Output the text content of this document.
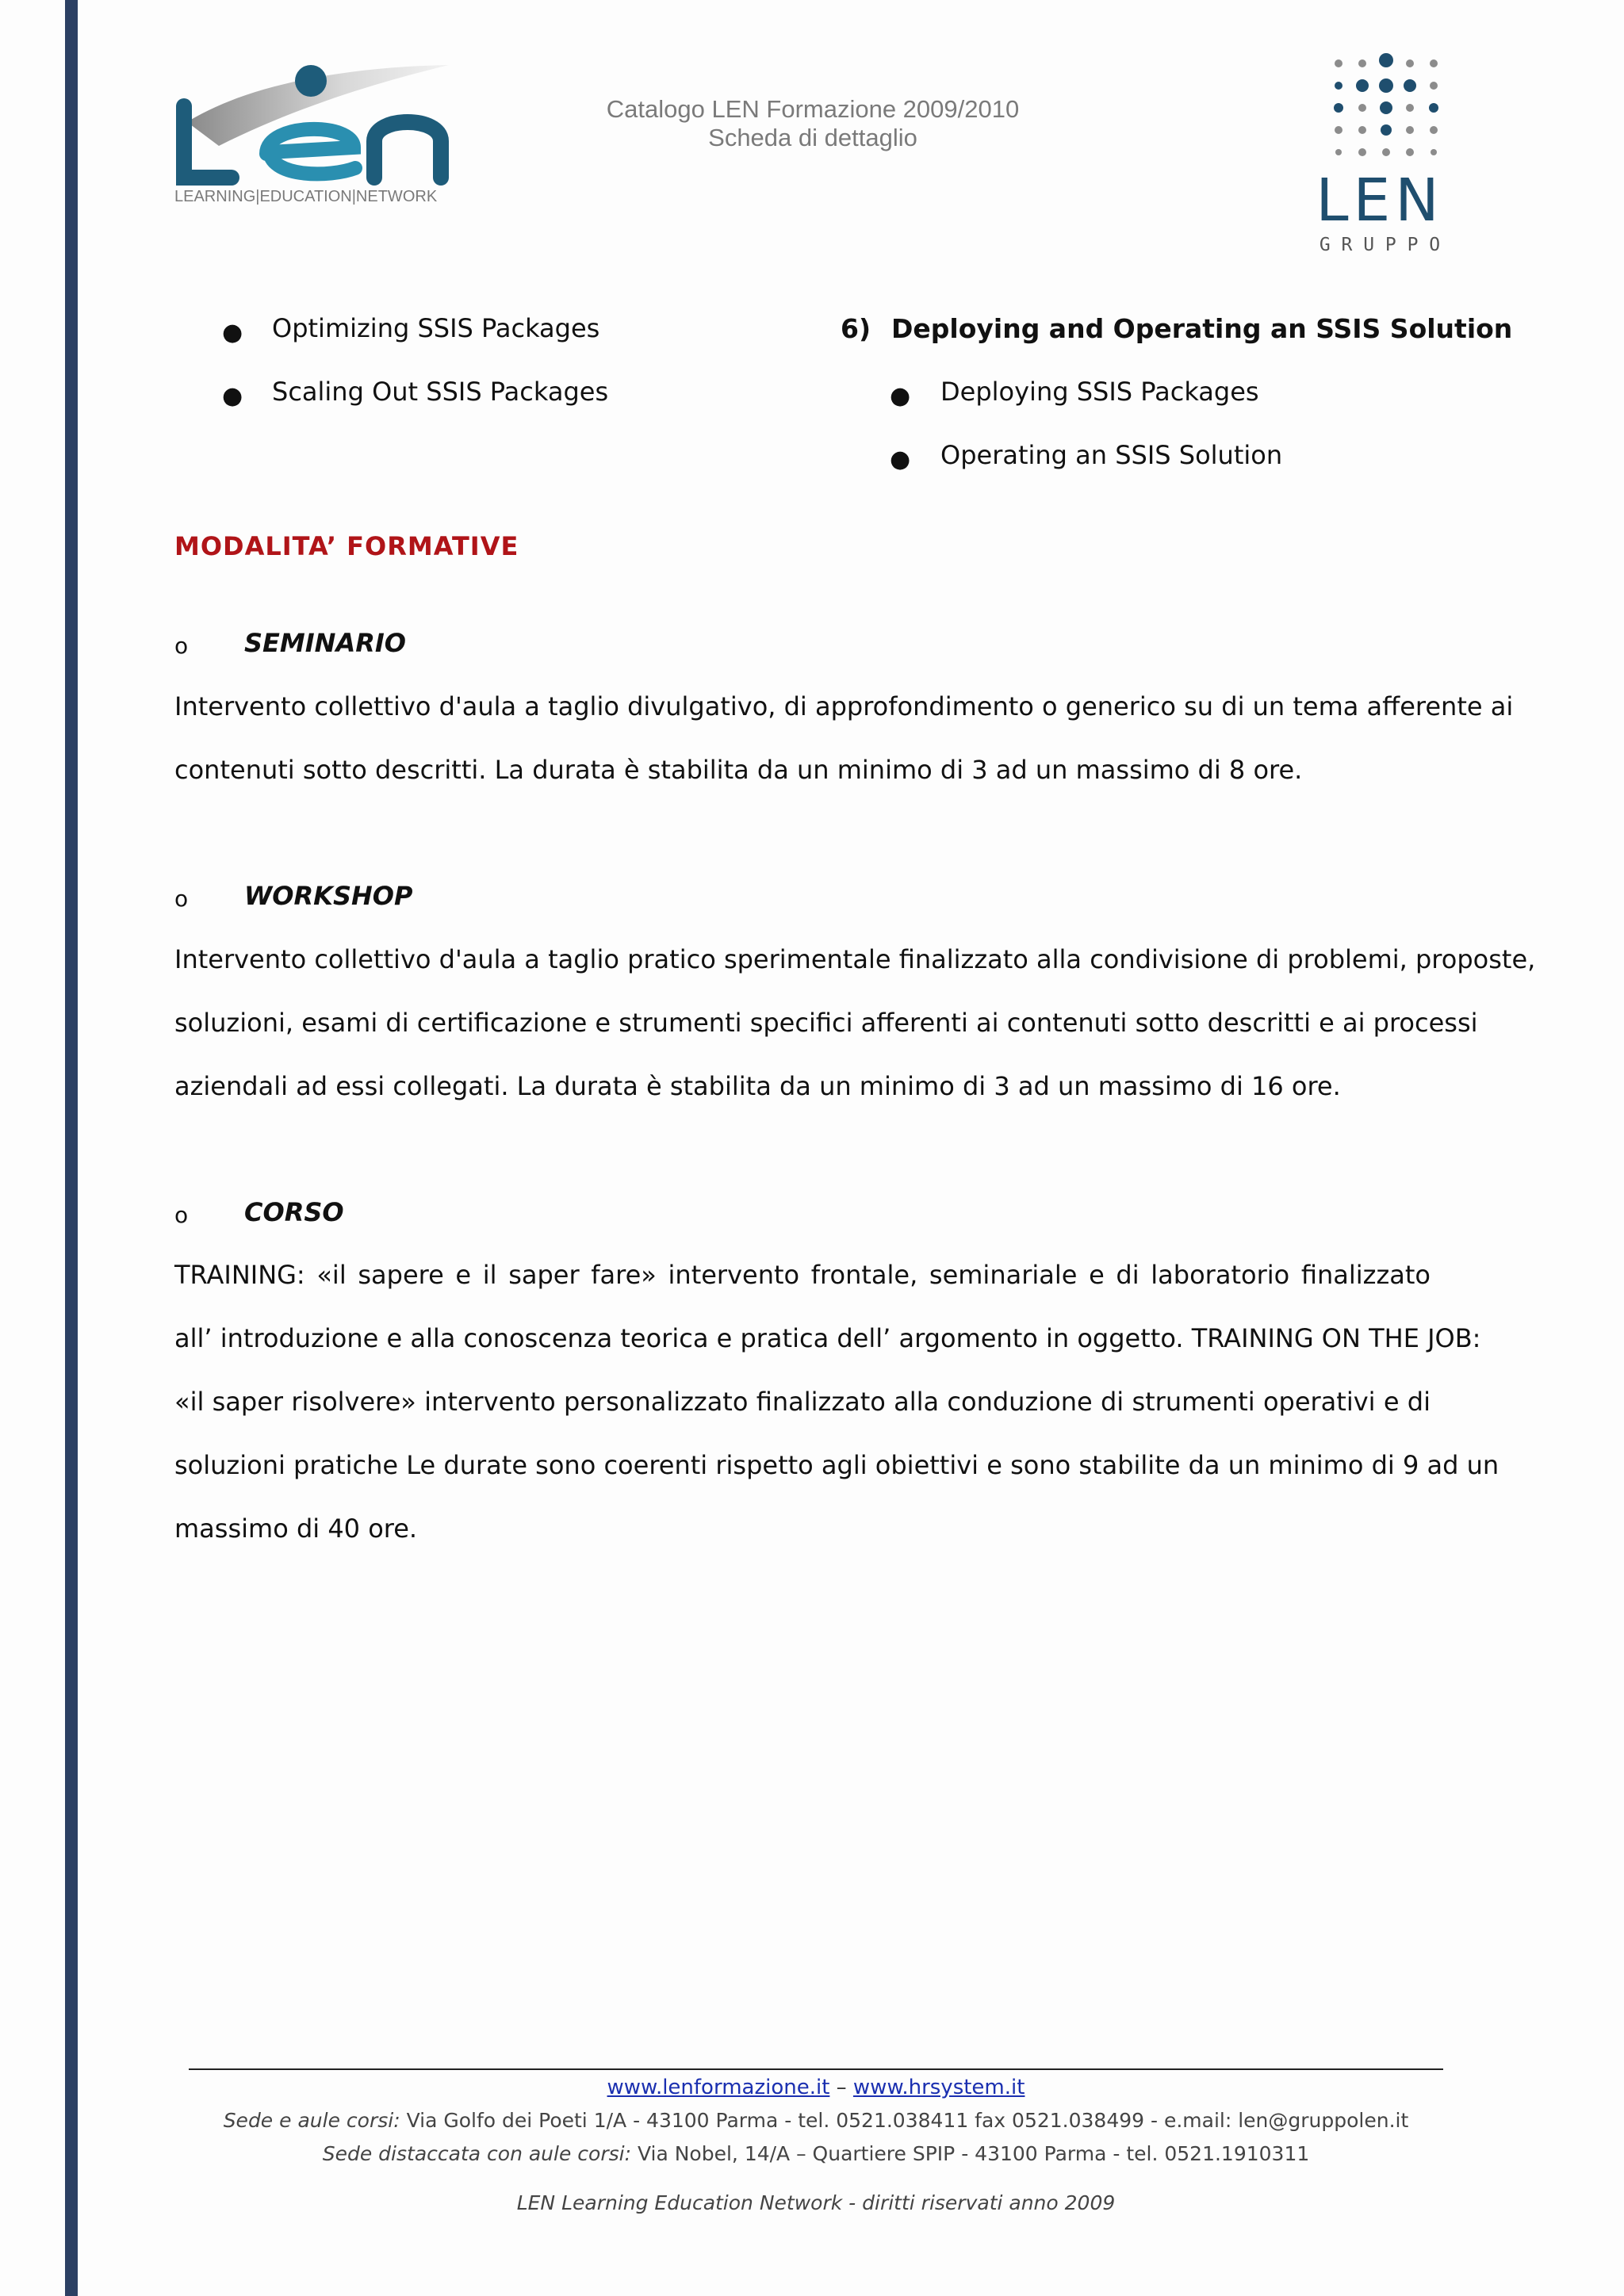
LEARNING|EDUCATION|NETWORK
Catalogo LEN Formazione 2009/2010
Scheda di dettaglio
LEN
G R U P P O
● Optimizing SSIS Packages
● Scaling Out SSIS Packages
6) Deploying and Operating an SSIS Solution
● Deploying SSIS Packages
● Operating an SSIS Solution
MODALITA’ FORMATIVE
o SEMINARIO
Intervento collettivo d'aula a taglio divulgativo, di approfondimento o generico su di un tema afferente ai
contenuti sotto descritti. La durata è stabilita da un minimo di 3 ad un massimo di 8 ore.
o WORKSHOP
Intervento collettivo d'aula a taglio pratico sperimentale finalizzato alla condivisione di problemi, proposte,
soluzioni, esami di certificazione e strumenti specifici afferenti ai contenuti sotto descritti e ai processi
aziendali ad essi collegati. La durata è stabilita da un minimo di 3 ad un massimo di 16 ore.
o CORSO
TRAINING: «il sapere e il saper fare» intervento frontale, seminariale e di laboratorio finalizzato
all’ introduzione e alla conoscenza teorica e pratica dell’ argomento in oggetto. TRAINING ON THE JOB:
«il saper risolvere» intervento personalizzato finalizzato alla conduzione di strumenti operativi e di
soluzioni pratiche Le durate sono coerenti rispetto agli obiettivi e sono stabilite da un minimo di 9 ad un
massimo di 40 ore.
www.lenformazione.it – www.hrsystem.it
Sede e aule corsi: Via Golfo dei Poeti 1/A - 43100 Parma - tel. 0521.038411 fax 0521.038499 - e.mail: len@gruppolen.it
Sede distaccata con aule corsi: Via Nobel, 14/A – Quartiere SPIP - 43100 Parma - tel. 0521.1910311
LEN Learning Education Network - diritti riservati anno 2009
